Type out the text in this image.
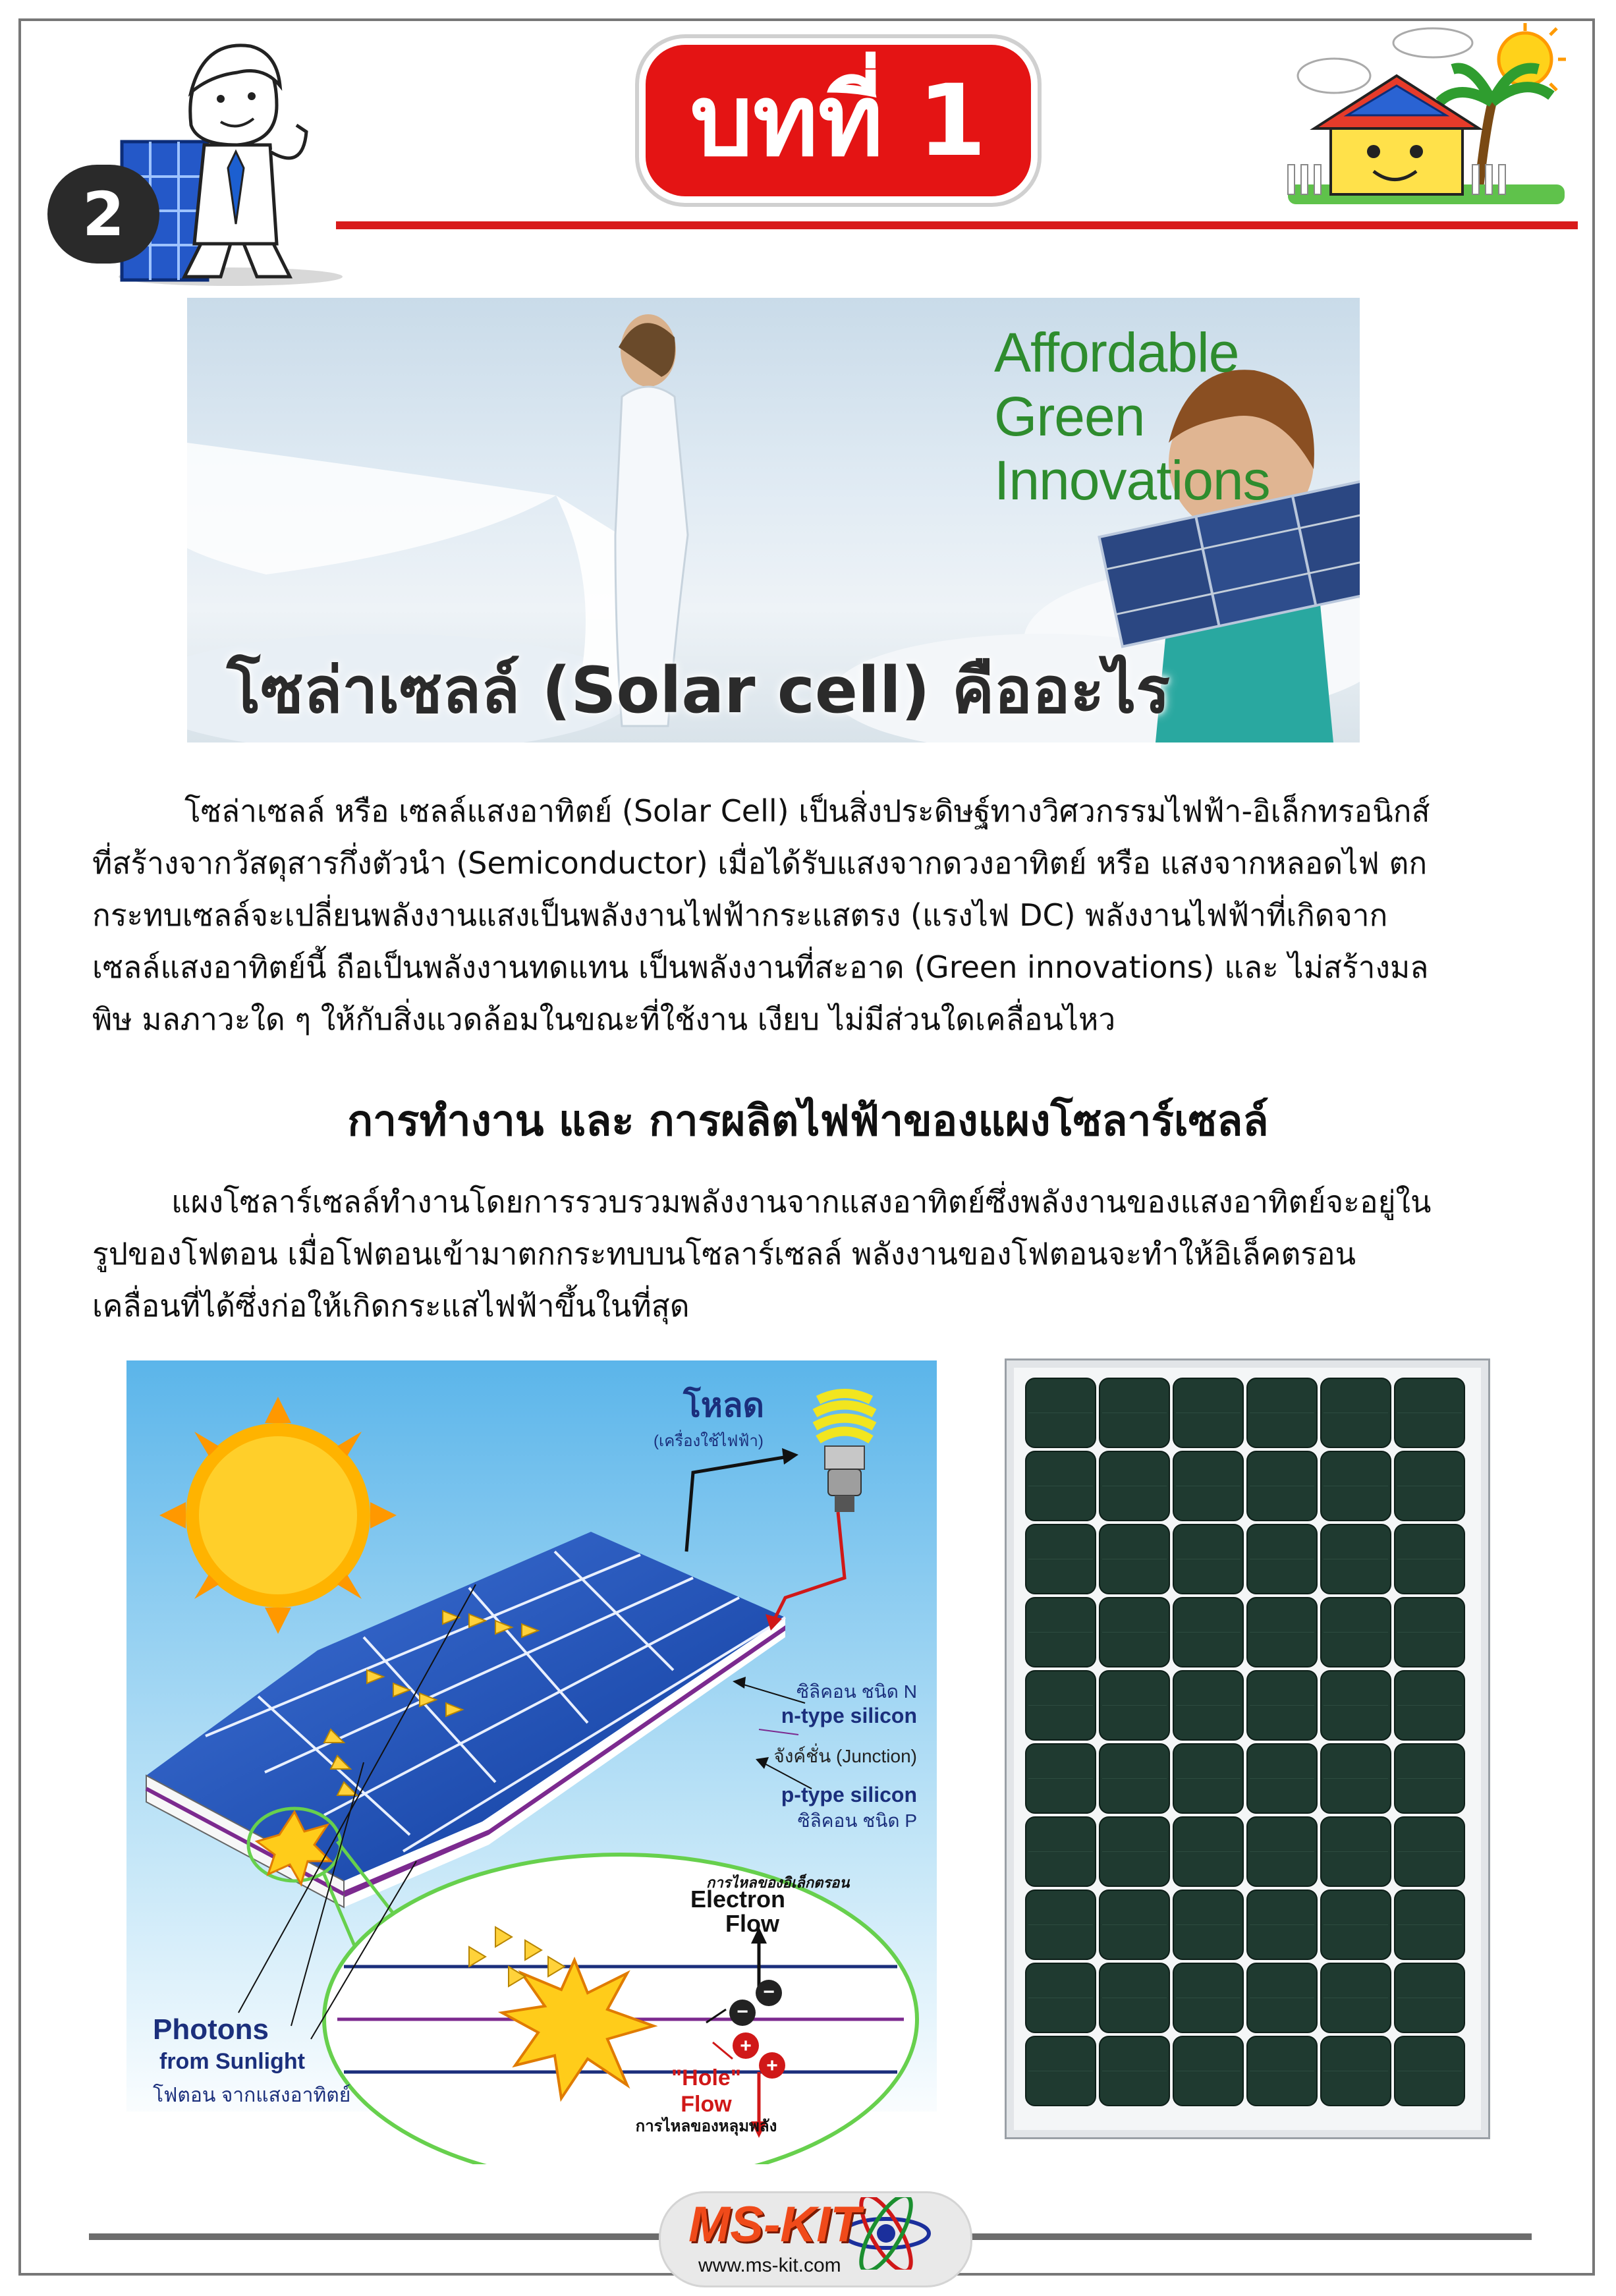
2
บทที่ 1
Affordable Green Innovations
โซล่าเซลล์ (Solar cell) คืออะไร
โซล่าเซลล์ หรือ เซลล์แสงอาทิตย์ (Solar Cell) เป็นสิ่งประดิษฐ์ทางวิศวกรรมไฟฟ้า-อิเล็กทรอนิกส์
ที่สร้างจากวัสดุสารกึ่งตัวนำ (Semiconductor) เมื่อได้รับแสงจากดวงอาทิตย์ หรือ แสงจากหลอดไฟ ตก
กระทบเซลล์จะเปลี่ยนพลังงานแสงเป็นพลังงานไฟฟ้ากระแสตรง (แรงไฟ DC) พลังงานไฟฟ้าที่เกิดจาก
เซลล์แสงอาทิตย์นี้ ถือเป็นพลังงานทดแทน เป็นพลังงานที่สะอาด (Green innovations) และ ไม่สร้างมล
พิษ มลภาวะใด ๆ ให้กับสิ่งแวดล้อมในขณะที่ใช้งาน เงียบ ไม่มีส่วนใดเคลื่อนไหว
การทำงาน และ การผลิตไฟฟ้าของแผงโซลาร์เซลล์
แผงโซลาร์เซลล์ทำงานโดยการรวบรวมพลังงานจากแสงอาทิตย์ซึ่งพลังงานของแสงอาทิตย์จะอยู่ใน
รูปของโฟตอน เมื่อโฟตอนเข้ามาตกกระทบบนโซลาร์เซลล์ พลังงานของโฟตอนจะทำให้อิเล็คตรอน
เคลื่อนที่ได้ซึ่งก่อให้เกิดกระแสไฟฟ้าขึ้นในที่สุด
−
−
+
+
โหลด
(เครื่องใช้ไฟฟ้า)
ซิลิคอน ชนิด N
n-type silicon
จังค์ชั่น (Junction)
p-type silicon
ซิลิคอน ชนิด P
การไหลของอิเล็กตรอน
Electron
Flow
"Hole"
Flow
การไหลของหลุมพลัง
Photons
from Sunlight
โฟตอน จากแสงอาทิตย์
MS-KIT
www.ms-kit.com
